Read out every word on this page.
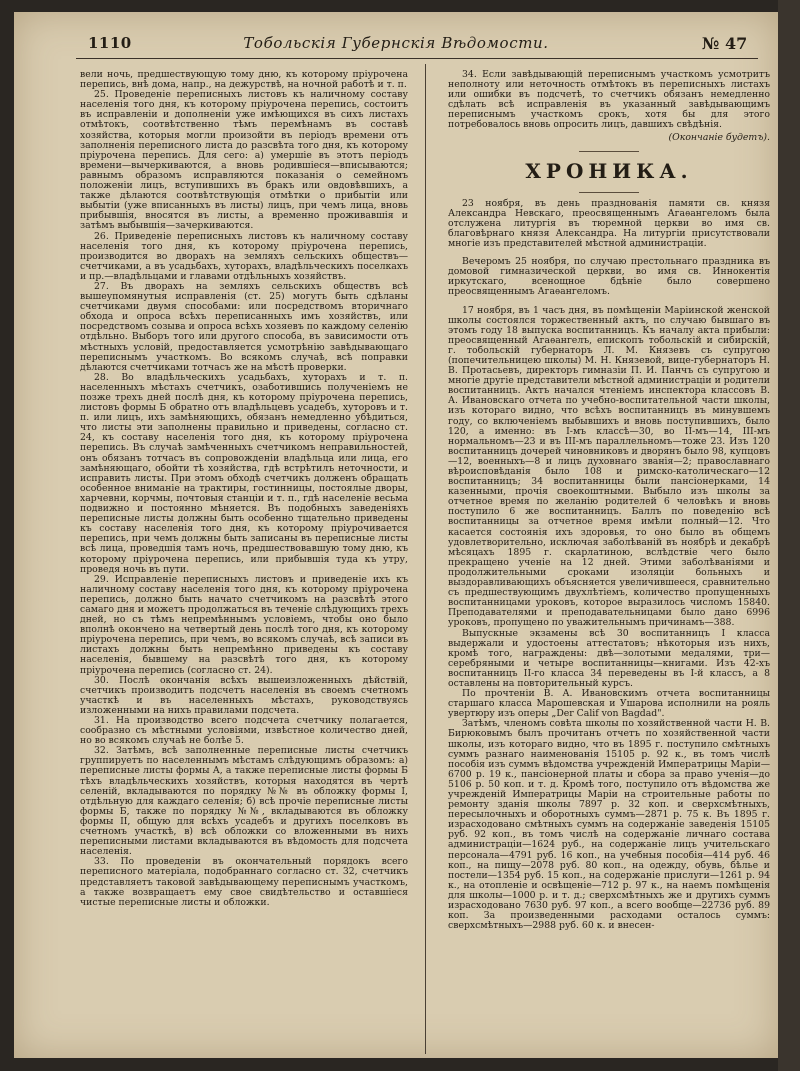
1110	Тобольскія Губернскія Вѣдомости.	№ 47

вели ночь, предшествующую тому дню, къ которому пріурочена перепись, внѣ дома, напр., на дежурствѣ, на ночной работѣ и т. п.

25. Проведеніе переписныхъ листовъ къ наличному составу населенія того дня, къ которому пріурочена перепись, состоитъ въ исправленіи и дополненіи уже имѣющихся въ сихъ листахъ отмѣтокъ, соотвѣтственно тѣмъ перемѣнамъ въ составѣ хозяйства, которыя могли произойти въ періодъ времени отъ заполненія переписного листа до разсвѣта того дня, къ которому пріурочена перепись. Для сего: а) умершіе въ этотъ періодъ времени—вычеркиваются, а вновь родившіеся—вписываются; равнымъ образомъ исправляются показанія о семейномъ положеніи лицъ, вступившихъ въ бракъ или овдовѣвшихъ, а также дѣлаются соотвѣтствующія отмѣтки о прибытіи или выбытіи (уже вписанныхъ въ листы) лицъ, при чемъ лица, вновь прибывшія, вносятся въ листы, а временно проживавшія и затѣмъ выбывшія—зачеркиваются.

26. Приведеніе переписныхъ листовъ къ наличному составу населенія того дня, къ которому пріурочена перепись, производится во дворахъ на земляхъ сельскихъ обществъ—счетчиками, а въ усадьбахъ, хуторахъ, владѣльческихъ поселкахъ и пр.—владѣльцами и главами отдѣльныхъ хозяйствъ.

27. Въ дворахъ на земляхъ сельскихъ обществъ всѣ вышеупомянутыя исправленія (ст. 25) могутъ быть сдѣланы счетчиками двумя способами: или посредствомъ вторичнаго обхода и опроса всѣхъ переписанныхъ имъ хозяйствъ, или посредствомъ созыва и опроса всѣхъ хозяевъ по каждому селенію отдѣльно. Выборъ того или другого способа, въ зависимости отъ мѣстныхъ условій, предоставляется усмотрѣнію завѣдывающаго переписнымъ участкомъ. Во всякомъ случаѣ, всѣ поправки дѣлаются счетчиками тотчасъ же на мѣстѣ проверки.

28. Во владѣльческихъ усадьбахъ, хуторахъ и т. п. населенныхъ мѣстахъ счетчикъ, озаботившись полученіемъ не позже трехъ дней послѣ дня, къ которому пріурочена перепись, листовъ формы Б обратно отъ владѣльцевъ усадебъ, хуторовъ и т. п. или лицъ, ихъ замѣняющихъ, обязанъ немедленно убѣдиться, что листы эти заполнены правильно и приведены, согласно ст. 24, къ составу населенія того дня, къ которому пріурочена перепись. Въ случаѣ замѣченныхъ счетчикомъ неправильностей, онъ обязанъ тотчасъ въ сопровожденіи владѣльца или лица, его замѣняющаго, обойти тѣ хозяйства, гдѣ встрѣтилъ неточности, и исправить листы. При этомъ обходѣ счетчикъ долженъ обращать особенное вниманіе на трактиры, гостинницы, постоялые дворы, харчевни, корчмы, почтовыя станціи и т. п., гдѣ населеніе весьма подвижно и постоянно мѣняется. Въ подобныхъ заведеніяхъ переписные листы должны быть особенно тщательно приведены къ составу населенія того дня, къ которому пріурочивается перепись, при чемъ должны быть записаны въ переписные листы всѣ лица, проведшія тамъ ночь, предшествовавшую тому дню, къ которому пріурочена перепись, или прибывшія туда къ утру, проведя ночь въ пути.

29. Исправленіе переписныхъ листовъ и приведеніе ихъ къ наличному составу населенія того дня, къ которому пріурочена перепись, должно быть начато счетчикомъ на разсвѣтѣ этого самаго дня и можетъ продолжаться въ теченіе слѣдующихъ трехъ дней, но съ тѣмъ непремѣннымъ условіемъ, чтобы оно было вполнѣ окончено на четвертый день послѣ того дня, къ которому пріурочена перепись, при чемъ, во всякомъ случаѣ, всѣ записи въ листахъ должны быть непремѣнно приведены къ составу населенія, бывшему на разсвѣтѣ того дня, къ которому пріурочена перепись (согласно ст. 24).

30. Послѣ окончанія всѣхъ вышеизложенныхъ дѣйствій, счетчикъ производитъ подсчетъ населенія въ своемъ счетномъ участкѣ и въ населенныхъ мѣстахъ, руководствуясь изложенными на нихъ правилами подсчета.

31. На производство всего подсчета счетчику полагается, сообразно съ мѣстными условіями, извѣстное количество дней, но во всякомъ случаѣ не болѣе 5.

32. Затѣмъ, всѣ заполненные переписные листы счетчикъ группируетъ по населеннымъ мѣстамъ слѣдующимъ образомъ: а) переписные листы формы А, а также переписные листы формы Б тѣхъ владѣльческихъ хозяйствъ, которыя находятся въ чертѣ селеній, вкладываются по порядку №№ въ обложку формы I, отдѣльную для каждаго селенія; б) всѣ прочіе переписные листы формы Б, также по порядку №№, вкладываются въ обложку формы II, общую для всѣхъ усадебъ и другихъ поселковъ въ счетномъ участкѣ, в) всѣ обложки со вложенными въ нихъ переписными листами вкладываются въ вѣдомость для подсчета населенія.

33. По проведеніи въ окончательный порядокъ всего переписного матеріала, подобраннаго согласно ст. 32, счетчикъ представляетъ таковой завѣдывающему переписнымъ участкомъ, а также возвращаетъ ему свое свидѣтельство и оставшіеся чистые переписные листы и обложки.

34. Если завѣдывающій переписнымъ участкомъ усмотритъ неполноту или неточность отмѣтокъ въ переписныхъ листахъ или ошибки въ подсчетѣ, то счетчикъ обязанъ немедленно сдѣлать всѣ исправленія въ указанный завѣдывающимъ переписнымъ участкомъ срокъ, хотя бы для этого потребовалось вновь опросить лицъ, давшихъ свѣдѣнія.

(Окончаніе будетъ).

ХРОНИКА.

23 ноября, въ день празднованія памяти св. князя Александра Невскаго, преосвященнымъ Агаѳангеломъ была отслужена литургія въ тюремной церкви во имя св. благовѣрнаго князя Александра. На литургіи присутствовали многіе изъ представителей мѣстной администраціи.

Вечеромъ 25 ноября, по случаю престольнаго праздника въ домовой гимназической церкви, во имя св. Иннокентія иркутскаго, всенощное бдѣніе было совершено преосвященнымъ Агаѳангеломъ.

17 ноября, въ 1 часъ дня, въ помѣщеніи Маріинской женской школы состоялся торжественный актъ, по случаю бывшаго въ этомъ году 18 выпуска воспитанницъ. Къ началу акта прибыли: преосвященный Агаѳангелъ, епископъ тобольскій и сибирскій, г. тобольскій губернаторъ Л. М. Князевъ съ супругою (попечительницею школы) М. Н. Князевой, вице-губернаторъ Н. В. Протасьевъ, директоръ гимназіи П. И. Панчъ съ супругою и многіе другіе представители мѣстной администраціи и родители воспитанницъ. Актъ начался чтеніемъ инспектора классовъ В. А. Ивановскаго отчета по учебно-воспитательной части школы, изъ котораго видно, что всѣхъ воспитанницъ въ минувшемъ году, со включеніемъ выбывшихъ и вновь поступившихъ, было 120, а именно: въ I-мъ классѣ—30, во II-мъ—14, III-мъ нормальномъ—23 и въ III-мъ параллельномъ—тоже 23. Изъ 120 воспитанницъ дочерей чиновниковъ и дворянъ было 98, купцовъ—12, военныхъ—8 и лицъ духовнаго званія—2; православнаго вѣроисповѣданія было 108 и римско-католическаго—12 воспитанницъ; 34 воспитанницы были пансіонерками, 14 казенными, прочія своекоштными. Выбыло изъ школы за отчетное время по желанію родителей 6 человѣкъ и вновь поступило 6 же воспитанницъ. Баллъ по поведенію всѣ воспитанницы за отчетное время имѣли полный—12. Что касается состоянія ихъ здоровья, то оно было въ общемъ удовлетворительно, исключая заболѣваній въ ноябрѣ и декабрѣ мѣсяцахъ 1895 г. скарлатиною, вслѣдствіе чего было прекращено ученіе на 12 дней. Этими заболѣваніями и продолжительными сроками изоляціи больныхъ и выздоравливающихъ объясняется увеличившееся, сравнительно съ предшествующимъ двухлѣтіемъ, количество пропущенныхъ воспитанницами уроковъ, которое выразилось числомъ 15840. Преподавателями и преподавательницами было дано 6996 уроковъ, пропущено по уважительнымъ причинамъ—388.

Выпускные экзамены всѣ 30 воспитанницъ I класса выдержали и удостоены аттестатовъ; нѣкоторыя изъ нихъ, кромѣ того, награждены: двѣ—золотыми медалями, три—серебряными и четыре воспитанницы—книгами. Изъ 42-хъ воспитанницъ II-го класса 34 переведены въ I-й классъ, а 8 оставлены на повторительный курсъ.

По прочтеніи В. А. Ивановскимъ отчета воспитанницы старшаго класса Марошевская и Ушарова исполнили на рояль увертюру изъ оперы „Der Calif von Bagdad".

Затѣмъ, членомъ совѣта школы по хозяйственной части Н. В. Бирюковымъ былъ прочитанъ отчетъ по хозяйственной части школы, изъ котораго видно, что въ 1895 г. поступило смѣтныхъ суммъ разнаго наименованія 15105 р. 92 к., въ томъ числѣ пособія изъ суммъ вѣдомства учрежденій Императрицы Маріи—6700 р. 19 к., пансіонерной платы и сбора за право ученія—до 5106 р. 50 коп. и т. д. Кромѣ того, поступило отъ вѣдомства же учрежденій Императрицы Маріи на строительные работы по ремонту зданія школы 7897 р. 32 коп. и сверхсмѣтныхъ, пересылочныхъ и оборотныхъ суммъ—2871 р. 75 к. Въ 1895 г. израсходовано смѣтныхъ суммъ на содержаніе заведенія 15105 руб. 92 коп., въ томъ числѣ на содержаніе личнаго состава администраціи—1624 руб., на содержаніе лицъ учительскаго персонала—4791 руб. 16 коп., на учебныя пособія—414 руб. 46 коп., на пищу—2078 руб. 80 коп., на одежду, обувь, бѣлье и постели—1354 руб. 15 коп., на содержаніе прислуги—1261 р. 94 к., на отопленіе и освѣщеніе—712 р. 97 к., на наемъ помѣщенія для школы—1000 р. и т. д.; сверхсмѣтныхъ же и другихъ суммъ израсходовано 7630 руб. 97 коп., а всего вообще—22736 руб. 89 коп. За произведенными расходами осталось суммъ: сверхсмѣтныхъ—2988 руб. 60 к. и внесен-
